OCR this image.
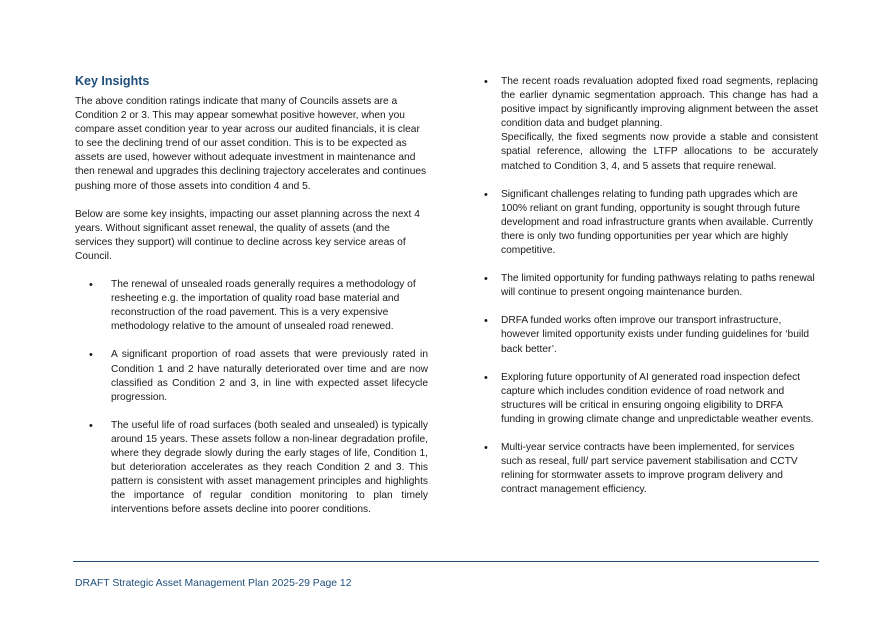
Key Insights

The above condition ratings indicate that many of Councils assets are a Condition 2 or 3. This may appear somewhat positive however, when you compare asset condition year to year across our audited financials, it is clear to see the declining trend of our asset condition. This is to be expected as assets are used, however without adequate investment in maintenance and then renewal and upgrades this declining trajectory accelerates and continues pushing more of those assets into condition 4 and 5.

Below are some key insights, impacting our asset planning across the next 4 years. Without significant asset renewal, the quality of assets (and the services they support) will continue to decline across key service areas of Council.

• The renewal of unsealed roads generally requires a methodology of resheeting e.g. the importation of quality road base material and reconstruction of the road pavement. This is a very expensive methodology relative to the amount of unsealed road renewed.
• A significant proportion of road assets that were previously rated in Condition 1 and 2 have naturally deteriorated over time and are now classified as Condition 2 and 3, in line with expected asset lifecycle progression.
• The useful life of road surfaces (both sealed and unsealed) is typically around 15 years. These assets follow a non-linear degradation profile, where they degrade slowly during the early stages of life, Condition 1, but deterioration accelerates as they reach Condition 2 and 3. This pattern is consistent with asset management principles and highlights the importance of regular condition monitoring to plan timely interventions before assets decline into poorer conditions.
• The recent roads revaluation adopted fixed road segments, replacing the earlier dynamic segmentation approach. This change has had a positive impact by significantly improving alignment between the asset condition data and budget planning.
Specifically, the fixed segments now provide a stable and consistent spatial reference, allowing the LTFP allocations to be accurately matched to Condition 3, 4, and 5 assets that require renewal.
• Significant challenges relating to funding path upgrades which are 100% reliant on grant funding, opportunity is sought through future development and road infrastructure grants when available. Currently there is only two funding opportunities per year which are highly competitive.
• The limited opportunity for funding pathways relating to paths renewal will continue to present ongoing maintenance burden.
• DRFA funded works often improve our transport infrastructure, however limited opportunity exists under funding guidelines for ‘build back better’.
• Exploring future opportunity of AI generated road inspection defect capture which includes condition evidence of road network and structures will be critical in ensuring ongoing eligibility to DRFA funding in growing climate change and unpredictable weather events.
• Multi-year service contracts have been implemented, for services such as reseal, full/ part service pavement stabilisation and CCTV relining for stormwater assets to improve program delivery and contract management efficiency.
DRAFT Strategic Asset Management Plan 2025-29 Page 12
